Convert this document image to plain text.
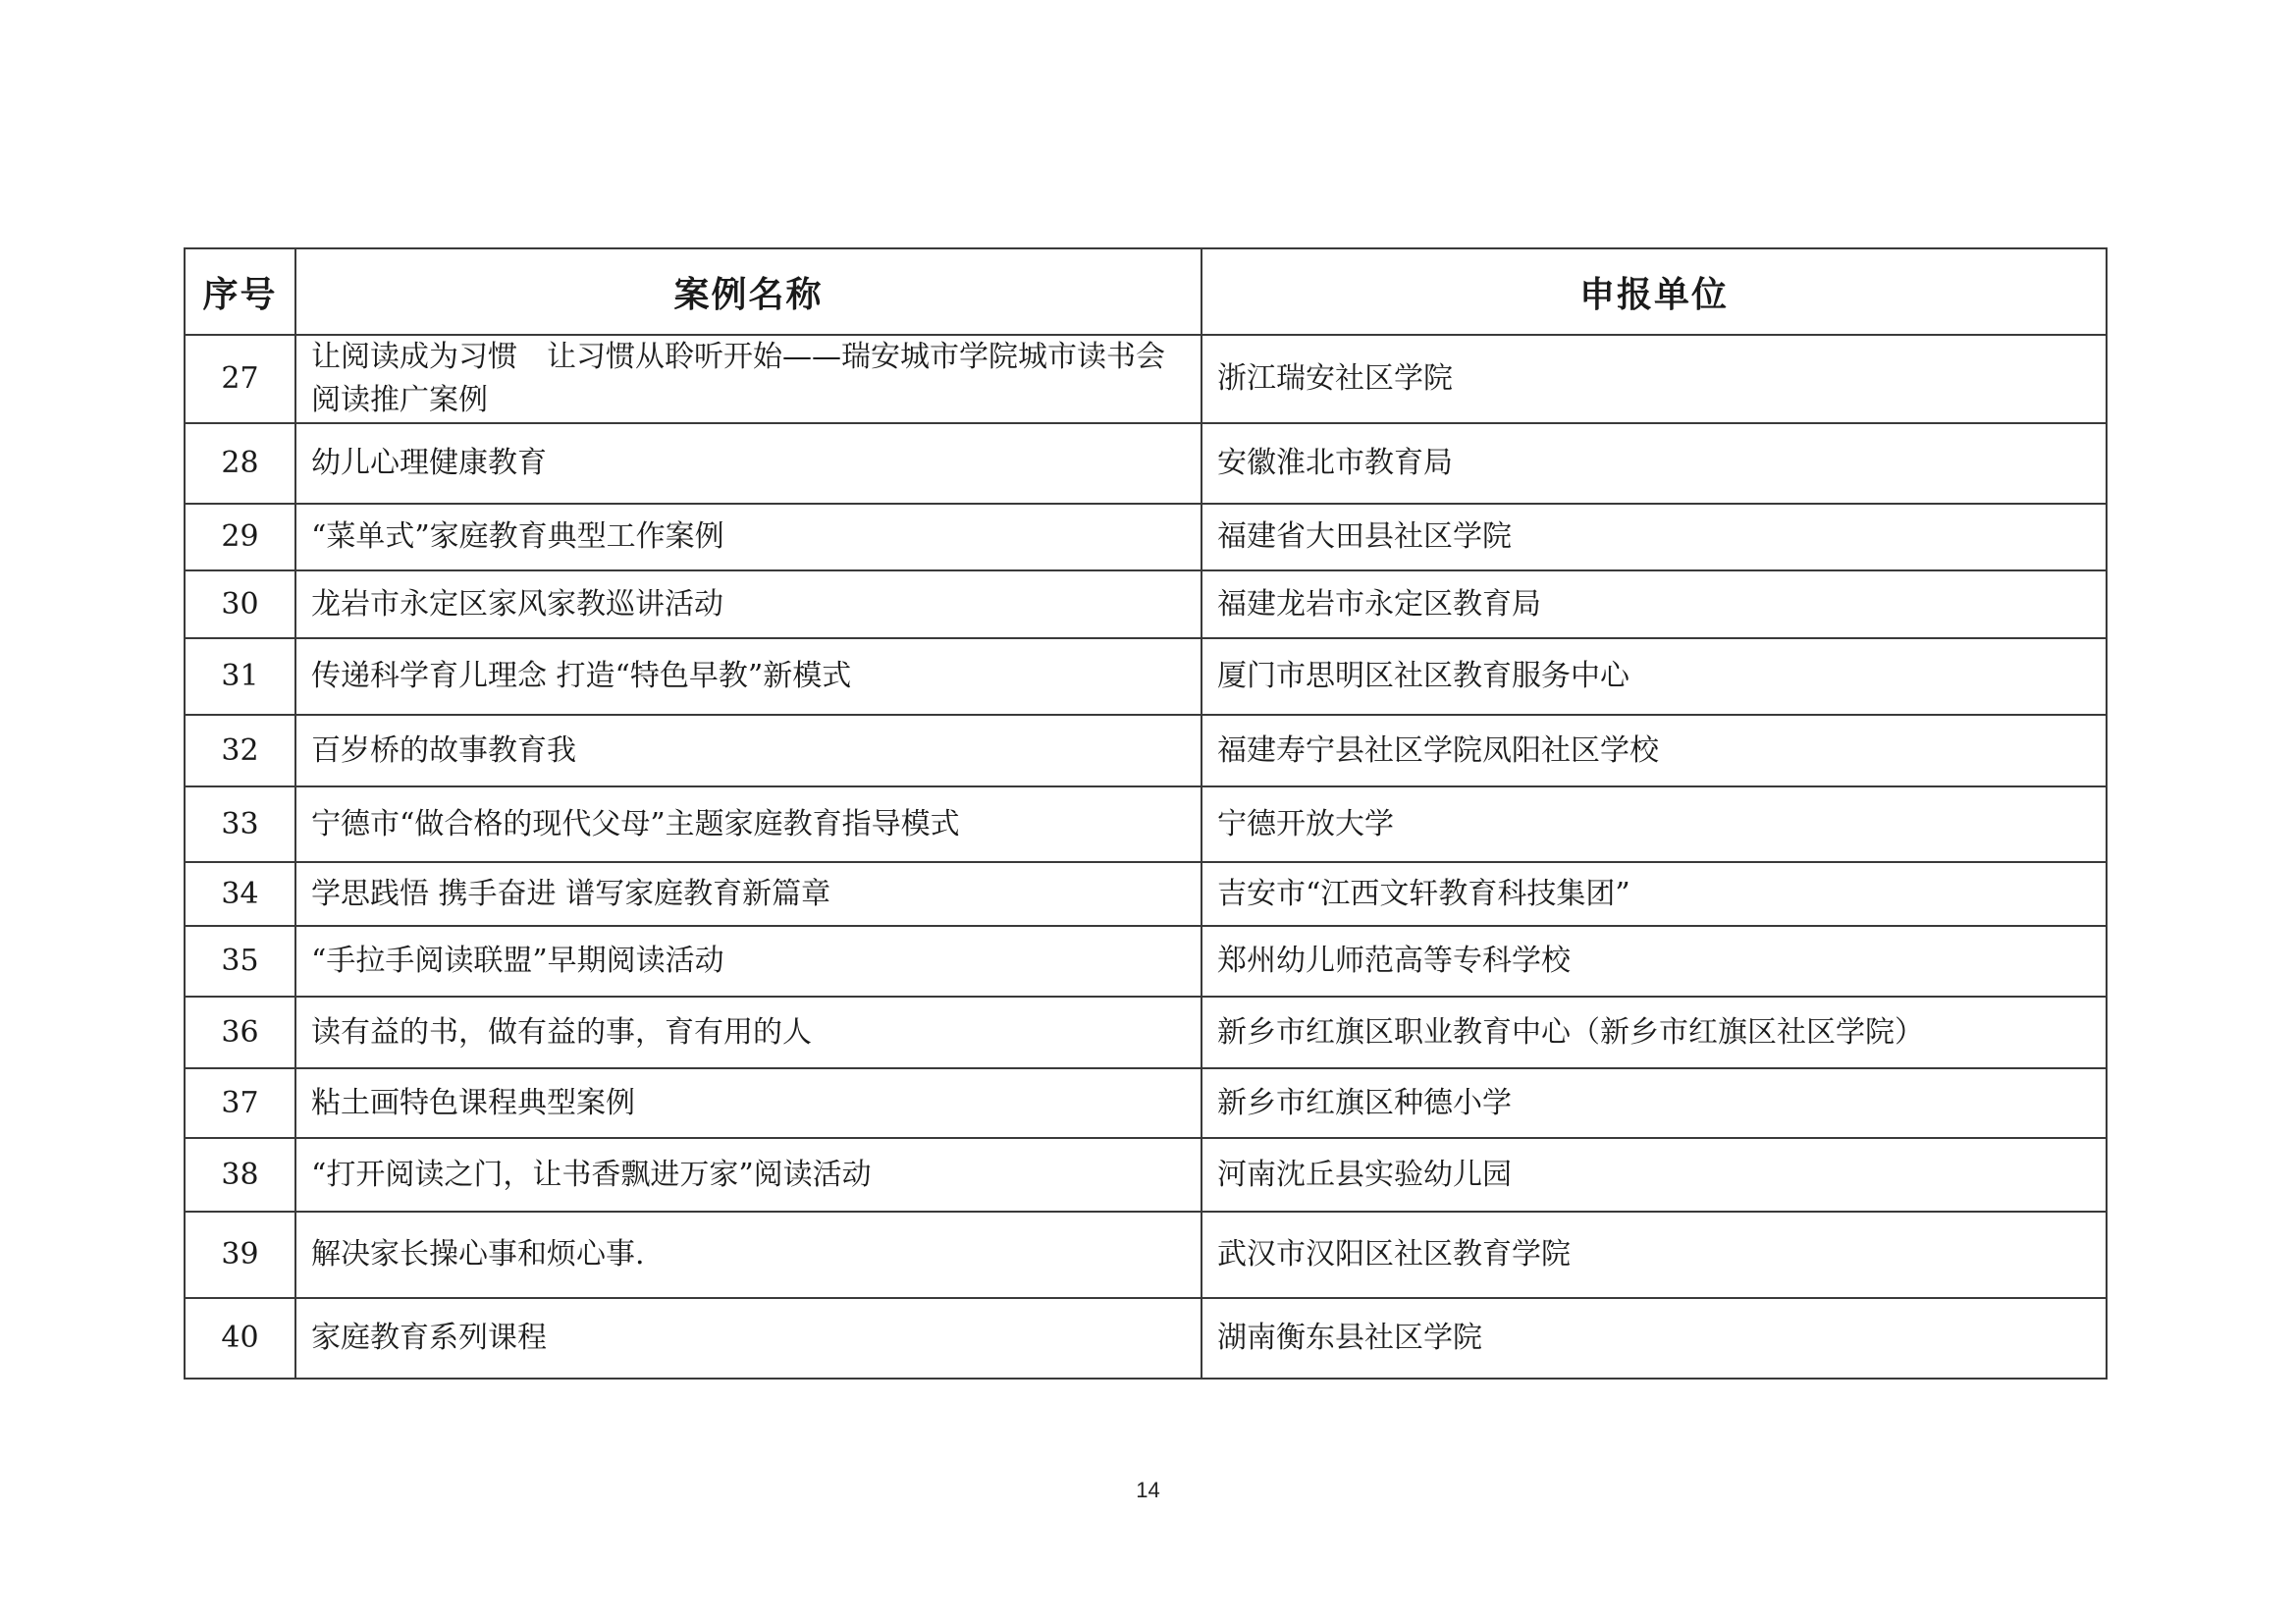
序号	案例名称	申报单位
27	让阅读成为习惯　让习惯从聆听开始——瑞安城市学院城市读书会阅读推广案例	浙江瑞安社区学院
28	幼儿心理健康教育	安徽淮北市教育局
29	“菜单式”家庭教育典型工作案例	福建省大田县社区学院
30	龙岩市永定区家风家教巡讲活动	福建龙岩市永定区教育局
31	传递科学育儿理念 打造“特色早教”新模式	厦门市思明区社区教育服务中心
32	百岁桥的故事教育我	福建寿宁县社区学院凤阳社区学校
33	宁德市“做合格的现代父母”主题家庭教育指导模式	宁德开放大学
34	学思践悟 携手奋进 谱写家庭教育新篇章	吉安市“江西文轩教育科技集团”
35	“手拉手阅读联盟”早期阅读活动	郑州幼儿师范高等专科学校
36	读有益的书，做有益的事，育有用的人	新乡市红旗区职业教育中心（新乡市红旗区社区学院）
37	粘土画特色课程典型案例	新乡市红旗区种德小学
38	“打开阅读之门，让书香飘进万家”阅读活动	河南沈丘县实验幼儿园
39	解决家长操心事和烦心事.	武汉市汉阳区社区教育学院
40	家庭教育系列课程	湖南衡东县社区学院
14
